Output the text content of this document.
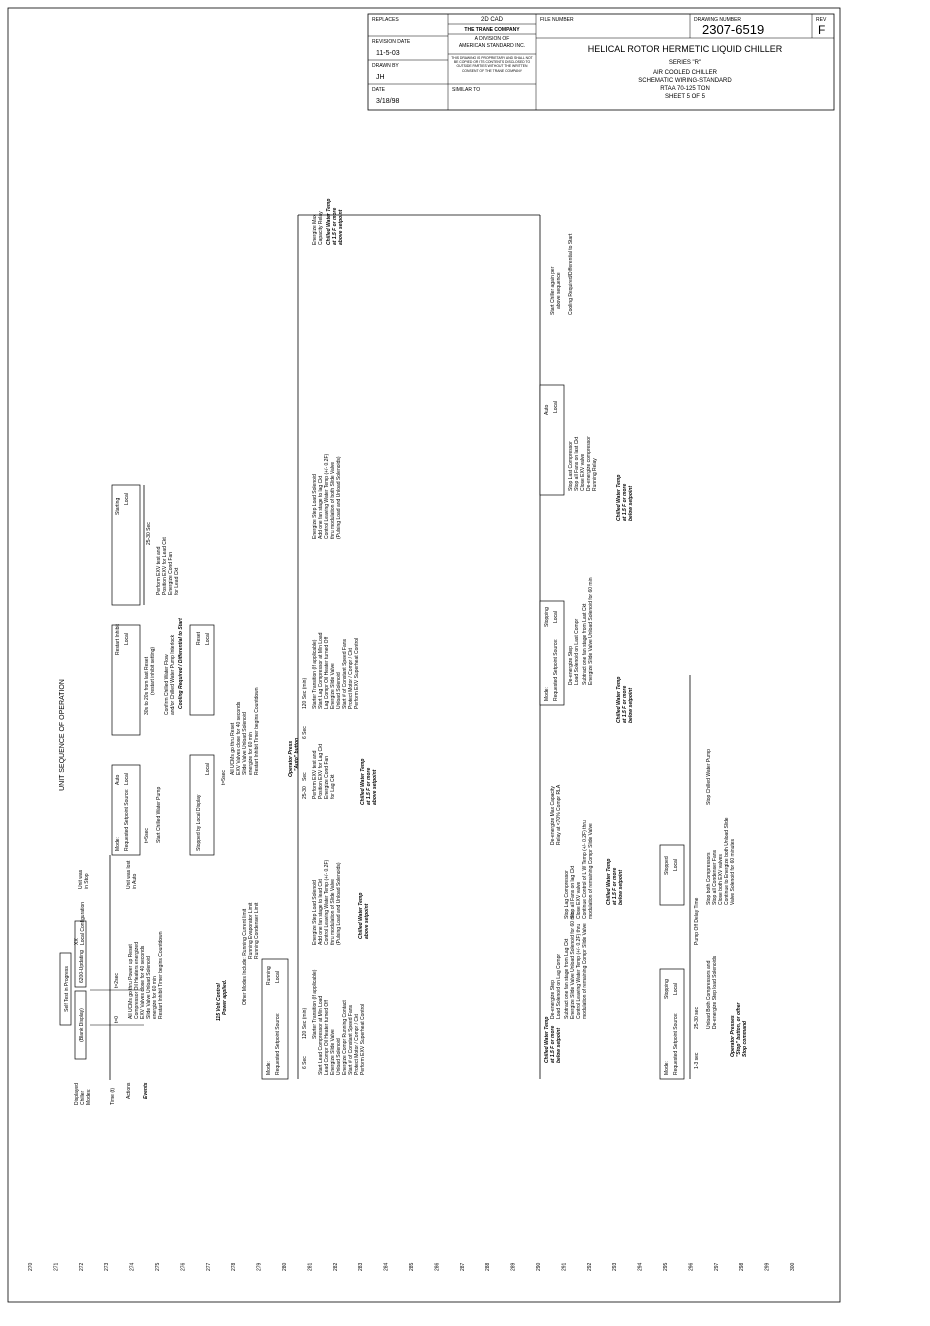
REPLACES	2D CAD
THE TRANE COMPANY
A DIVISION OF
AMERICAN STANDARD INC.
THIS DRAWING IS PROPRIETARY AND SHALL NOT BE COPIED OR ITS CONTENTS DISCLOSED TO OUTSIDE PARTIES WITHOUT THE WRITTEN CONSENT OF THE TRANE COMPANY
REVISION DATE
11-5-03
DRAWN BY
JH
DATE
3/18/98
SIMILAR TO
FILE NUMBER	DRAWING NUMBER
2307-6519
REV
F
HELICAL ROTOR HERMETIC LIQUID CHILLER
SERIES "R"
AIR COOLED CHILLER
SCHEMATIC WIRING-STANDARD
RTAA 70-125 TON
SHEET 5 OF 5
UNIT SEQUENCE OF OPERATION
270	271	272	273	274	275	276	277	278	279	280	281	282	283	284	285	286	287	288	289	290	291	292	293	294	295	296	297	298	299	300
Displayed Chiller Modes:	Time (t) Actions Events
Self Test in Progress
(Blank Display)
6200-Updating
XX Local Configuration
t=0
t=2sec All UCMs go thru Power up Reset Compressor Oil Heaters energized EXV Valves close for 40 seconds Slide Valve Unload Solenoid energize for 60 min Restart Inhibit Timer begins Countdown	115 Volt Control Power applied.
Unit was in Stop	Unit was lost in Auto
Mode: Requested Setpoint Source:
Auto Local
t=5sec Start Chilled Water Pump	Stopped by Local Display
Local
t=5sec
All UCMs go thru Reset EXV Valves close for 40 seconds Slide Valve Unload Solenoid energize for 60 min Restart Inhibit Timer begins Countdown	Operator Press "Auto" button
Restart Inhibit Local
30s to 20s from last Reset (restart inhibit setting) Confirm Chilled Water Flow and/or Chilled Water Pump Interlock Cooling Required / Differential to Start Reset Local
Starting Local
25-30 Sec
Perform EXV test and Position EXV for Lead Ckt Energize Cond Fan for Lead Ckt
Other Modes Include: Running Current limit Running Evaporator Limit Running Condenser Limit
Mode: Requested Setpoint Source:
Running Local
6 Sec
120 Sec (min) Starter Transition (If applicable) Start Lead Compressor at Min Load Lead Compr Oil Heater turned Off Energize Slide Valve Unload Solenoid Energize Compr Running Contact Start # of Constant Speed Fans Protect Motor / Compr / Ckt Perform EXV Superheat Control
Energize Step Load Solenoid Add one fan stage to lead Ckt Control Leaving Water Temp (+/- 0.2F) thru modulation of Slide Valve (Pulsing Load and Unload Solenoids)	Chilled Water Temp above setpoint
25-30
Sec
6 Sec
120 Sec (min)
Perform EXV test and Position EXV for Lag Ckt Energize Cond Fan for Lag Ckt
Starter Transition (If applicable) Start Lag Compressor at Min Load Lag Compr Oil Heater turned Off Energize Slide Valve Unload Solenoid Start # of Constant Speed Fans Protect Motor / Compr / Ckt Perform EXV Superheat Control
Chilled Water Temp at 1.5 F or more above setpoint
Energize Step Load Solenoid Add one fan stage to lag Ckt Control Leaving Water Temp (+/- 0.2F) thru modulation of both Slide Valve (Pulsing Load and Unload Solenoids)
Energize Max Capacity Relay Chilled Water Temp at 1.5 F or more above setpoint
Chilled Water Temp at 1.5 F or more below setpoint
De-energize Step Load Solenoid on Lag Compr Subtract one fan stage from Lag Ckt Energize Slide Valve Unload Solenoid for 60 min Control Leaving Water Temp (+/- 0.2F) thru modulation of remaining Compr Slide Valve
Stop Lag Compressor Stop all Fans on lag Ckt Close EXV valve Continue Control of L W Temp (+/- 0.2F) thru modulation of remaining Compr Slide Valve
De-energize Max Capacity Relay at <70% Compr RLA
Chilled Water Temp at 1.5 F or more below setpoint
Mode: Requested Setpoint Source:
Stopping Local
1-3 sec
25-30 sec Unload Both Compressors and De-energize Step load Solenoids
Operator Presses "Stop" button, or other Stop command
Pump Off Delay Time
Stopped Local	Stop both Compressors Stop all Condenser Fans Close both EXV valves Continue to Energize both Unload Slide Valve Solenoid for 60 minutes
Stop Chilled Water Pump
Mode: Requested Setpoint Source:
Stopping Local
De-energize Step Load Solenoid on Last Compr Subtract one fan stage from Last Ckt Energize Slide Valve Unload Solenoid for 60 min
Chilled Water Temp at 1.5 F or more below setpoint
Auto Local
Stop Last Compressor Stop all Fans on last Ckt Close EXV valve De-energize compressor Running Relay	Chilled Water Temp at 1.5 F or more below setpoint
Start Chiller again per above sequence Cooling Required/Differential to Start
